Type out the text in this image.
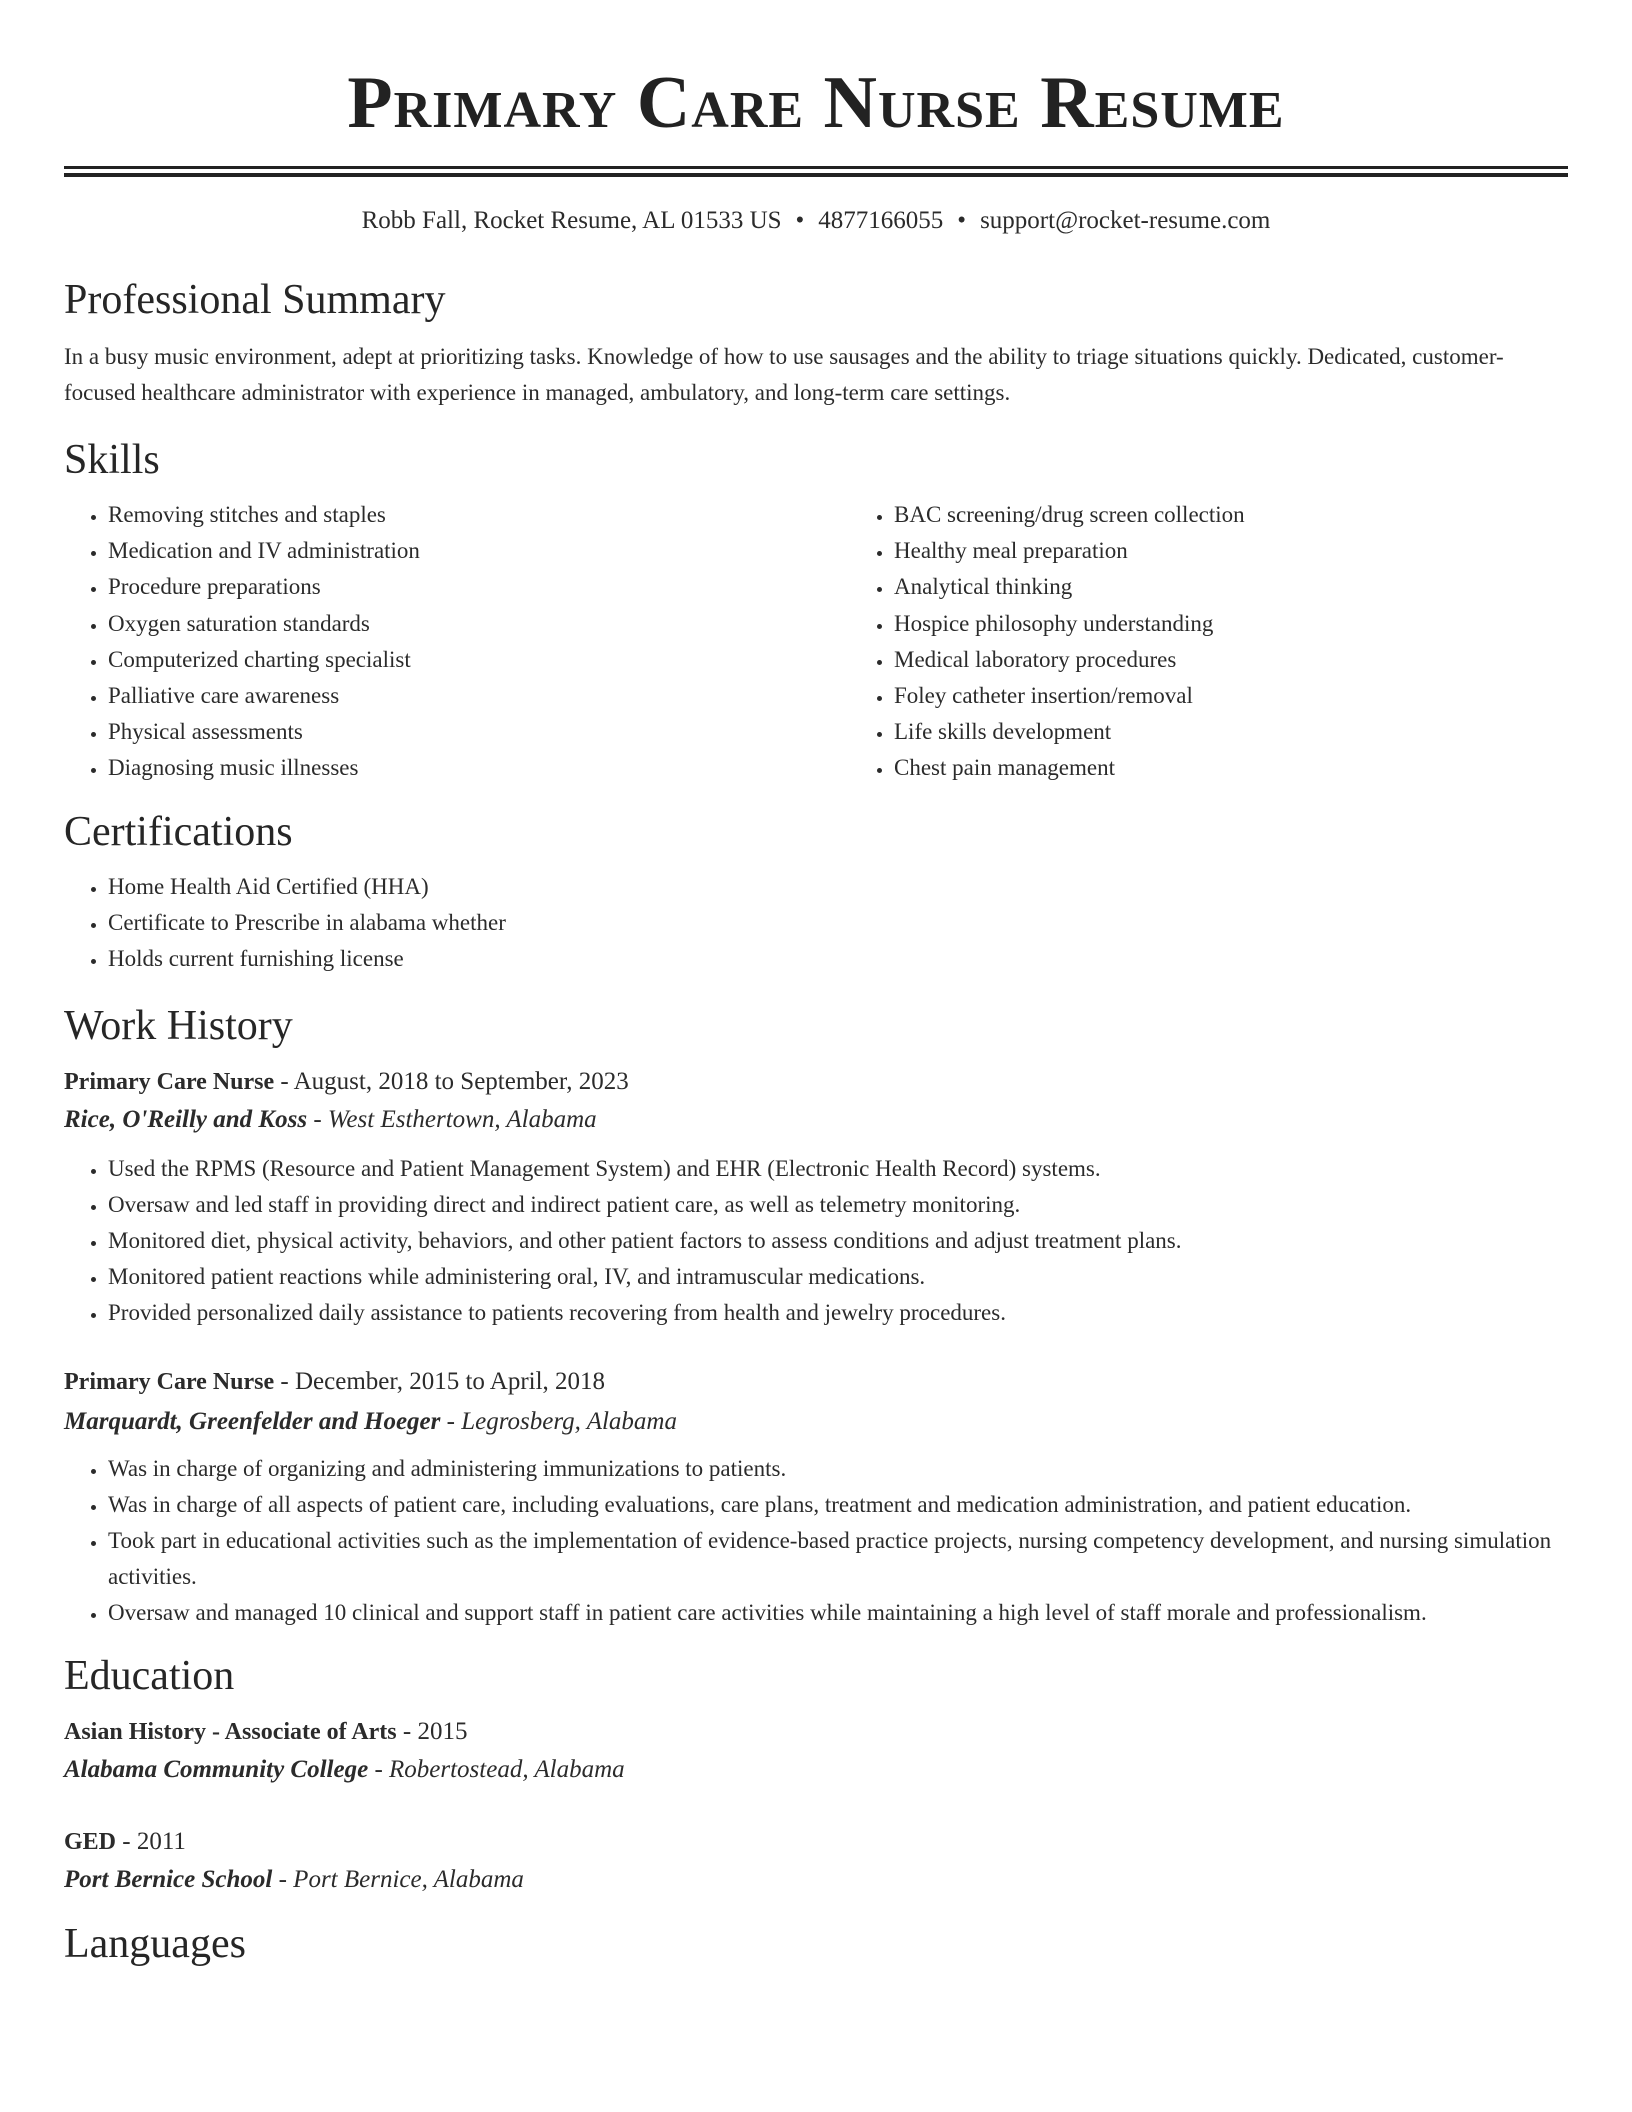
Primary Care Nurse Resume
Robb Fall, Rocket Resume, AL 01533 US • 4877166055 • support@rocket-resume.com
Professional Summary

In a busy music environment, adept at prioritizing tasks. Knowledge of how to use sausages and the ability to triage situations quickly. Dedicated, customer-focused healthcare administrator with experience in managed, ambulatory, and long-term care settings.

Skills
• Removing stitches and staples
• Medication and IV administration
• Procedure preparations
• Oxygen saturation standards
• Computerized charting specialist
• Palliative care awareness
• Physical assessments
• Diagnosing music illnesses
• BAC screening/drug screen collection
• Healthy meal preparation
• Analytical thinking
• Hospice philosophy understanding
• Medical laboratory procedures
• Foley catheter insertion/removal
• Life skills development
• Chest pain management
Certifications
• Home Health Aid Certified (HHA)
• Certificate to Prescribe in alabama whether
• Holds current furnishing license
Work History
Primary Care Nurse - August, 2018 to September, 2023
Rice, O'Reilly and Koss - West Esthertown, Alabama
• Used the RPMS (Resource and Patient Management System) and EHR (Electronic Health Record) systems.
• Oversaw and led staff in providing direct and indirect patient care, as well as telemetry monitoring.
• Monitored diet, physical activity, behaviors, and other patient factors to assess conditions and adjust treatment plans.
• Monitored patient reactions while administering oral, IV, and intramuscular medications.
• Provided personalized daily assistance to patients recovering from health and jewelry procedures.
Primary Care Nurse - December, 2015 to April, 2018
Marquardt, Greenfelder and Hoeger - Legrosberg, Alabama
• Was in charge of organizing and administering immunizations to patients.
• Was in charge of all aspects of patient care, including evaluations, care plans, treatment and medication administration, and patient education.
• Took part in educational activities such as the implementation of evidence-based practice projects, nursing competency development, and nursing simulation activities.
• Oversaw and managed 10 clinical and support staff in patient care activities while maintaining a high level of staff morale and professionalism.
Education
Asian History - Associate of Arts - 2015
Alabama Community College - Robertostead, Alabama
GED - 2011
Port Bernice School - Port Bernice, Alabama
Languages
